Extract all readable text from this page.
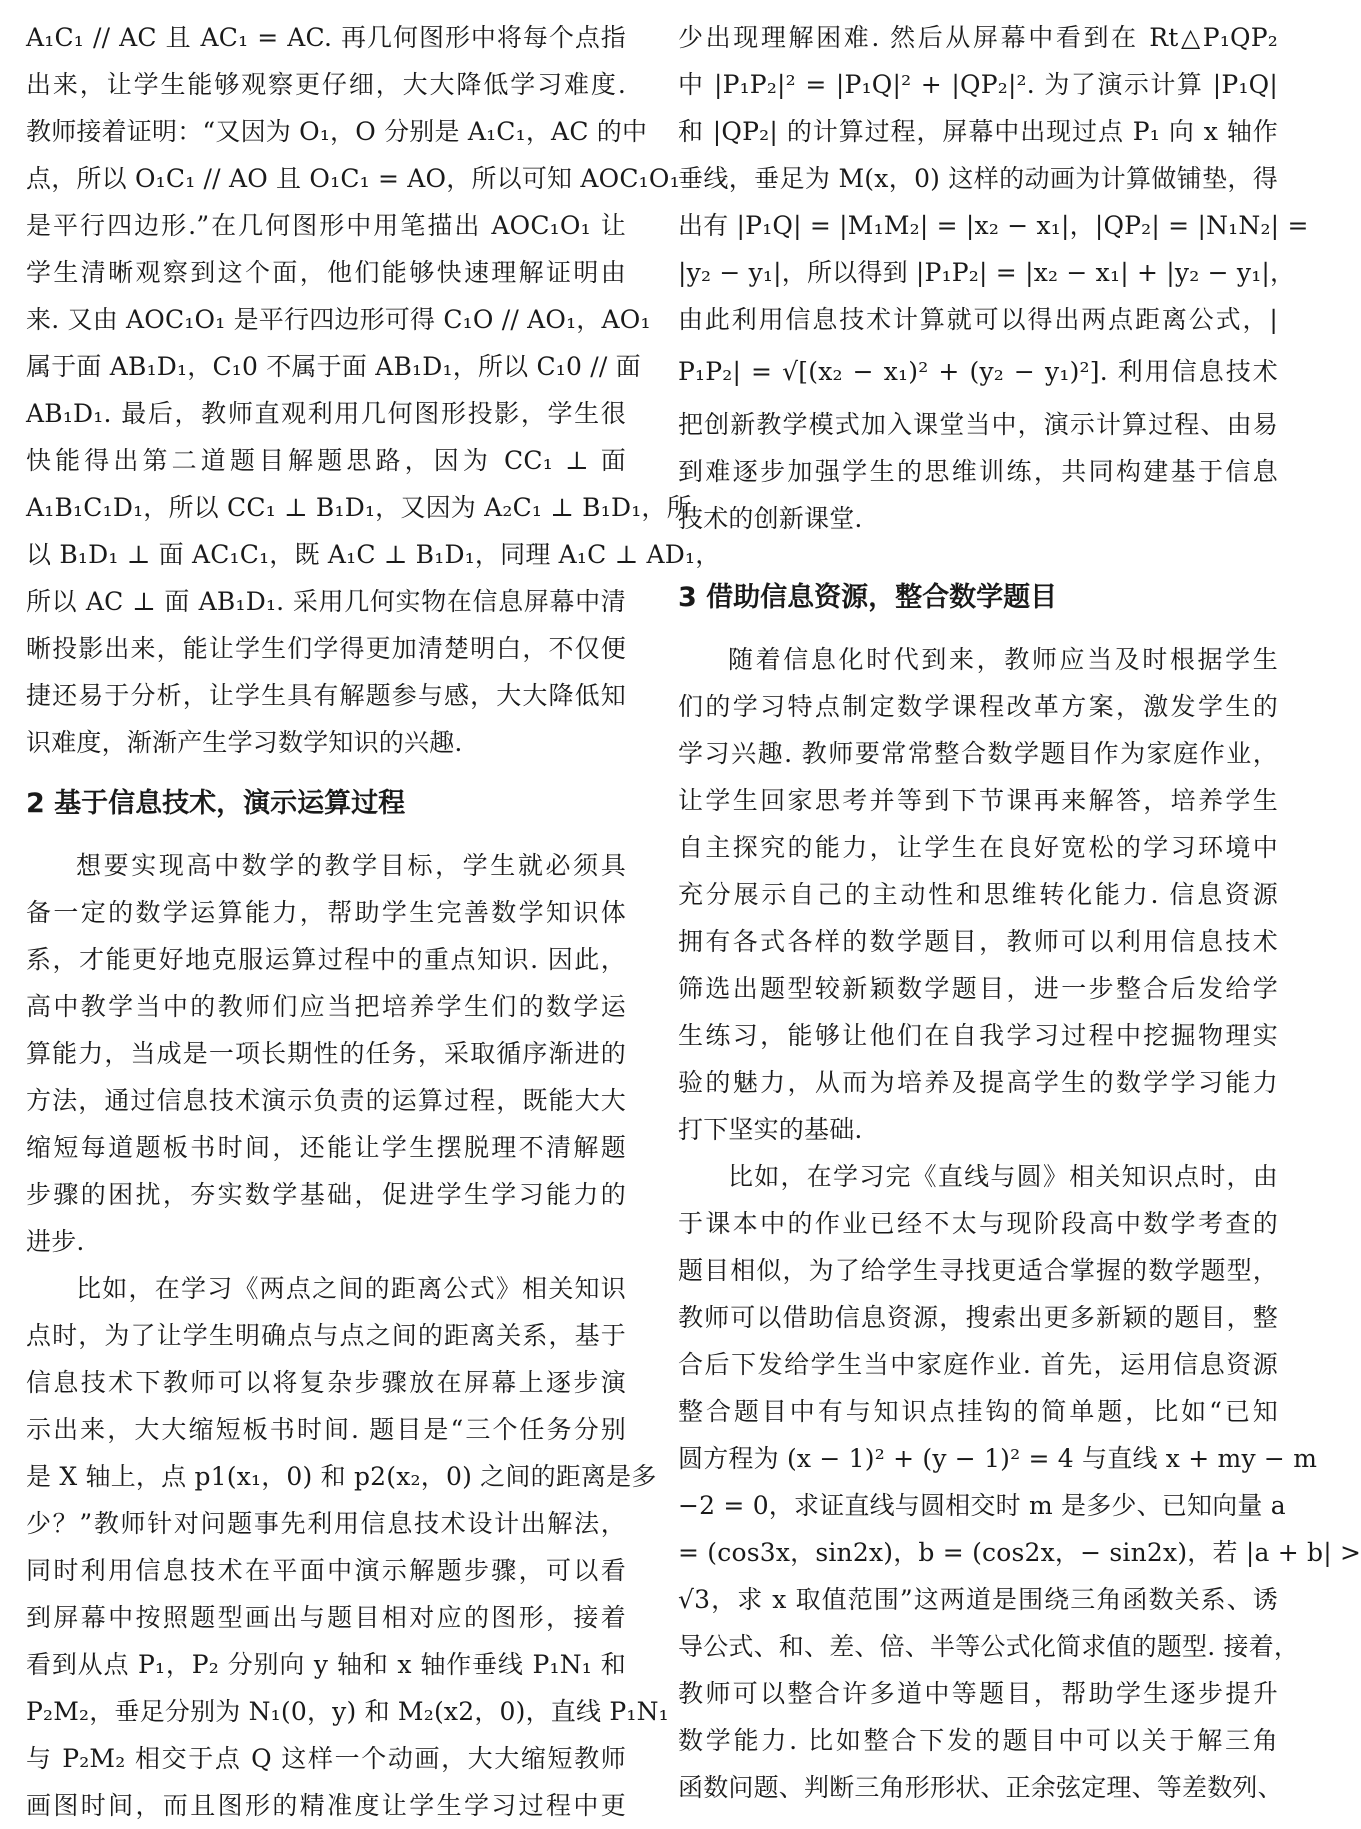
A₁C₁ // AC 且 AC₁ = AC. 再几何图形中将每个点指
出来，让学生能够观察更仔细，大大降低学习难度.
教师接着证明：“又因为 O₁，O 分别是 A₁C₁，AC 的中
点，所以 O₁C₁ // AO 且 O₁C₁ = AO，所以可知 AOC₁O₁
是平行四边形.”在几何图形中用笔描出 AOC₁O₁ 让
学生清晰观察到这个面，他们能够快速理解证明由
来. 又由 AOC₁O₁ 是平行四边形可得 C₁O // AO₁，AO₁
属于面 AB₁D₁，C₁0 不属于面 AB₁D₁，所以 C₁0 // 面
AB₁D₁. 最后，教师直观利用几何图形投影，学生很
快能得出第二道题目解题思路，因为 CC₁ ⊥ 面
A₁B₁C₁D₁，所以 CC₁ ⊥ B₁D₁，又因为 A₂C₁ ⊥ B₁D₁，所
以 B₁D₁ ⊥ 面 AC₁C₁，既 A₁C ⊥ B₁D₁，同理 A₁C ⊥ AD₁，
所以 AC ⊥ 面 AB₁D₁. 采用几何实物在信息屏幕中清
晰投影出来，能让学生们学得更加清楚明白，不仅便
捷还易于分析，让学生具有解题参与感，大大降低知
识难度，渐渐产生学习数学知识的兴趣.
2 基于信息技术，演示运算过程
想要实现高中数学的教学目标，学生就必须具
备一定的数学运算能力，帮助学生完善数学知识体
系，才能更好地克服运算过程中的重点知识. 因此，
高中教学当中的教师们应当把培养学生们的数学运
算能力，当成是一项长期性的任务，采取循序渐进的
方法，通过信息技术演示负责的运算过程，既能大大
缩短每道题板书时间，还能让学生摆脱理不清解题
步骤的困扰，夯实数学基础，促进学生学习能力的
进步.
比如，在学习《两点之间的距离公式》相关知识
点时，为了让学生明确点与点之间的距离关系，基于
信息技术下教师可以将复杂步骤放在屏幕上逐步演
示出来，大大缩短板书时间. 题目是“三个任务分别
是 X 轴上，点 p1(x₁，0) 和 p2(x₂，0) 之间的距离是多
少？”教师针对问题事先利用信息技术设计出解法，
同时利用信息技术在平面中演示解题步骤，可以看
到屏幕中按照题型画出与题目相对应的图形，接着
看到从点 P₁，P₂ 分别向 y 轴和 x 轴作垂线 P₁N₁ 和
P₂M₂，垂足分别为 N₁(0，y) 和 M₂(x2，0)，直线 P₁N₁
与 P₂M₂ 相交于点 Q 这样一个动画，大大缩短教师
画图时间，而且图形的精准度让学生学习过程中更
少出现理解困难. 然后从屏幕中看到在 Rt△P₁QP₂
中 |P₁P₂|² = |P₁Q|² + |QP₂|². 为了演示计算 |P₁Q|
和 |QP₂| 的计算过程，屏幕中出现过点 P₁ 向 x 轴作
垂线，垂足为 M(x，0) 这样的动画为计算做铺垫，得
出有 |P₁Q| = |M₁M₂| = |x₂ − x₁|，|QP₂| = |N₁N₂| =
|y₂ − y₁|，所以得到 |P₁P₂| = |x₂ − x₁| + |y₂ − y₁|，
由此利用信息技术计算就可以得出两点距离公式，|
P₁P₂| = √[(x₂ − x₁)² + (y₂ − y₁)²]. 利用信息技术
把创新教学模式加入课堂当中，演示计算过程、由易
到难逐步加强学生的思维训练，共同构建基于信息
技术的创新课堂.
3 借助信息资源，整合数学题目
随着信息化时代到来，教师应当及时根据学生
们的学习特点制定数学课程改革方案，激发学生的
学习兴趣. 教师要常常整合数学题目作为家庭作业，
让学生回家思考并等到下节课再来解答，培养学生
自主探究的能力，让学生在良好宽松的学习环境中
充分展示自己的主动性和思维转化能力. 信息资源
拥有各式各样的数学题目，教师可以利用信息技术
筛选出题型较新颖数学题目，进一步整合后发给学
生练习，能够让他们在自我学习过程中挖掘物理实
验的魅力，从而为培养及提高学生的数学学习能力
打下坚实的基础.
比如，在学习完《直线与圆》相关知识点时，由
于课本中的作业已经不太与现阶段高中数学考查的
题目相似，为了给学生寻找更适合掌握的数学题型，
教师可以借助信息资源，搜索出更多新颖的题目，整
合后下发给学生当中家庭作业. 首先，运用信息资源
整合题目中有与知识点挂钩的简单题，比如“已知
圆方程为 (x − 1)² + (y − 1)² = 4 与直线 x + my − m
−2 = 0，求证直线与圆相交时 m 是多少、已知向量 a
= (cos3x，sin2x)，b = (cos2x，− sin2x)，若 |a + b| >
√3，求 x 取值范围”这两道是围绕三角函数关系、诱
导公式、和、差、倍、半等公式化简求值的题型. 接着，
教师可以整合许多道中等题目，帮助学生逐步提升
数学能力. 比如整合下发的题目中可以关于解三角
函数问题、判断三角形形状、正余弦定理、等差数列、
